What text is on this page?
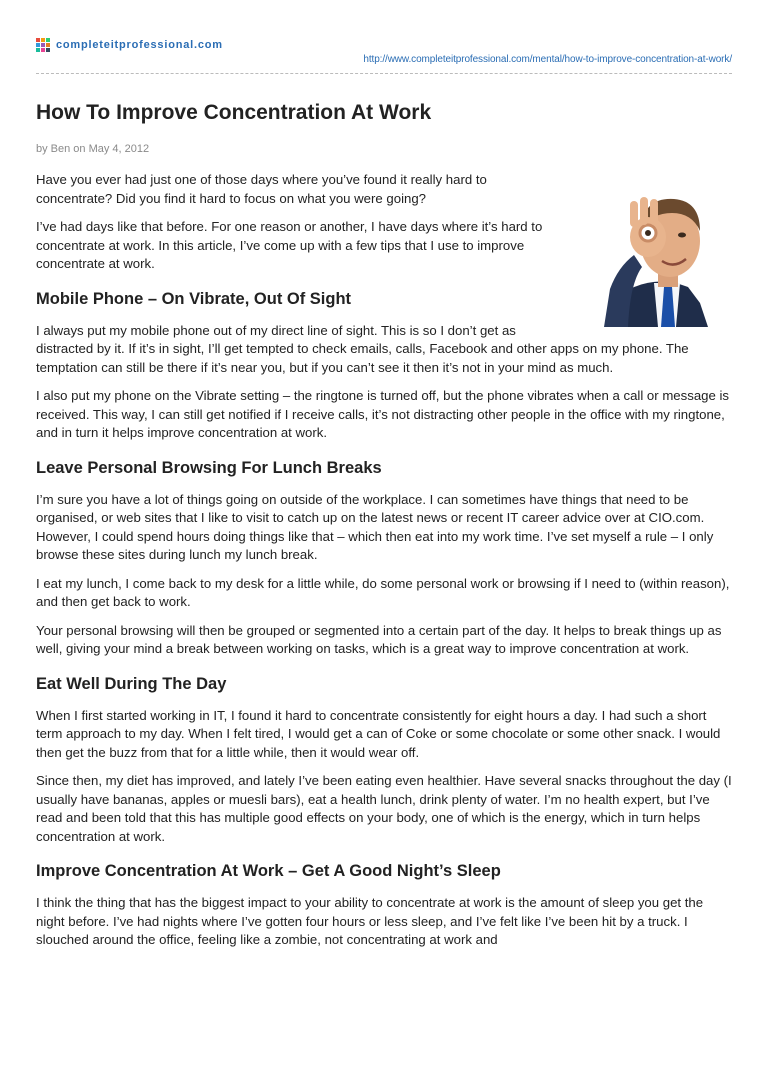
completeitprofessional.com
http://www.completeitprofessional.com/mental/how-to-improve-concentration-at-work/
How To Improve Concentration At Work
by Ben on May 4, 2012

Have you ever had just one of those days where you’ve found it really hard to concentrate? Did you find it hard to focus on what you were going?

I’ve had days like that before. For one reason or another, I have days where it’s hard to concentrate at work. In this article, I’ve come up with a few tips that I use to improve concentrate at work.

Mobile Phone – On Vibrate, Out Of Sight

I always put my mobile phone out of my direct line of sight. This is so I don’t get as distracted by it. If it’s in sight, I’ll get tempted to check emails, calls, Facebook and other apps on my phone. The temptation can still be there if it’s near you, but if you can’t see it then it’s not in your mind as much.

I also put my phone on the Vibrate setting – the ringtone is turned off, but the phone vibrates when a call or message is received. This way, I can still get notified if I receive calls, it’s not distracting other people in the office with my ringtone, and in turn it helps improve concentration at work.

Leave Personal Browsing For Lunch Breaks

I’m sure you have a lot of things going on outside of the workplace. I can sometimes have things that need to be organised, or web sites that I like to visit to catch up on the latest news or recent IT career advice over at CIO.com. However, I could spend hours doing things like that – which then eat into my work time. I’ve set myself a rule – I only browse these sites during lunch my lunch break.

I eat my lunch, I come back to my desk for a little while, do some personal work or browsing if I need to (within reason), and then get back to work.

Your personal browsing will then be grouped or segmented into a certain part of the day. It helps to break things up as well, giving your mind a break between working on tasks, which is a great way to improve concentration at work.

Eat Well During The Day

When I first started working in IT, I found it hard to concentrate consistently for eight hours a day. I had such a short term approach to my day. When I felt tired, I would get a can of Coke or some chocolate or some other snack. I would then get the buzz from that for a little while, then it would wear off.

Since then, my diet has improved, and lately I’ve been eating even healthier. Have several snacks throughout the day (I usually have bananas, apples or muesli bars), eat a health lunch, drink plenty of water. I’m no health expert, but I’ve read and been told that this has multiple good effects on your body, one of which is the energy, which in turn helps concentration at work.

Improve Concentration At Work – Get A Good Night’s Sleep

I think the thing that has the biggest impact to your ability to concentrate at work is the amount of sleep you get the night before. I’ve had nights where I’ve gotten four hours or less sleep, and I’ve felt like I’ve been hit by a truck. I slouched around the office, feeling like a zombie, not concentrating at work and
